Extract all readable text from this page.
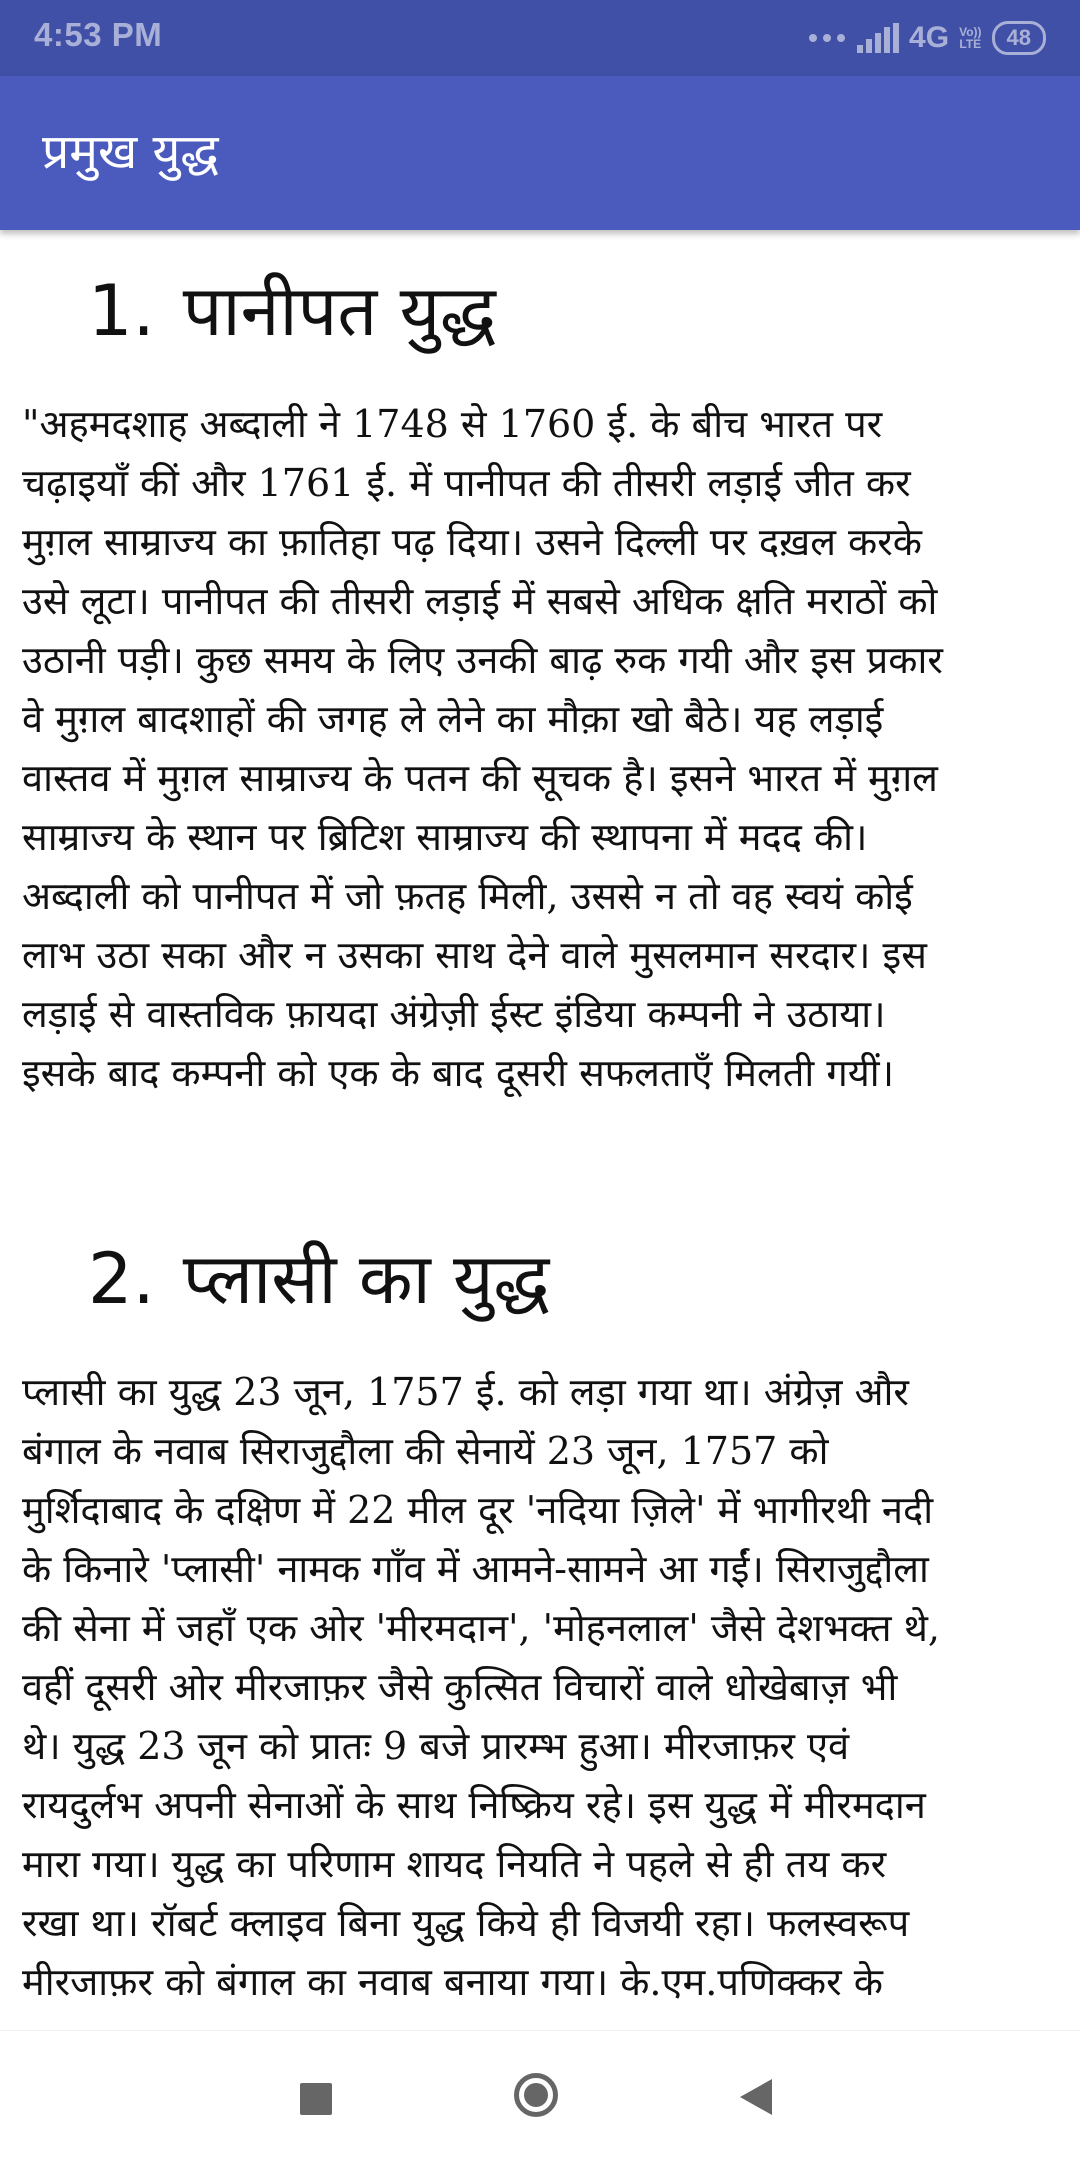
4:53 PM	4G Vo))
LTE	48
प्रमुख युद्ध
1. पानीपत युद्ध
"अहमदशाह अब्दाली ने 1748 से 1760 ई. के बीच भारत पर
चढ़ाइयाँ कीं और 1761 ई. में पानीपत की तीसरी लड़ाई जीत कर
मुग़ल साम्राज्य का फ़ातिहा पढ़ दिया। उसने दिल्ली पर दख़ल करके
उसे लूटा। पानीपत की तीसरी लड़ाई में सबसे अधिक क्षति मराठों को
उठानी पड़ी। कुछ समय के लिए उनकी बाढ़ रुक गयी और इस प्रकार
वे मुग़ल बादशाहों की जगह ले लेने का मौक़ा खो बैठे। यह लड़ाई
वास्तव में मुग़ल साम्राज्य के पतन की सूचक है। इसने भारत में मुग़ल
साम्राज्य के स्थान पर ब्रिटिश साम्राज्य की स्थापना में मदद की।
अब्दाली को पानीपत में जो फ़तह मिली, उससे न तो वह स्वयं कोई
लाभ उठा सका और न उसका साथ देने वाले मुसलमान सरदार। इस
लड़ाई से वास्तविक फ़ायदा अंग्रेज़ी ईस्ट इंडिया कम्पनी ने उठाया।
इसके बाद कम्पनी को एक के बाद दूसरी सफलताएँ मिलती गयीं।
2. प्लासी का युद्ध
प्लासी का युद्ध 23 जून, 1757 ई. को लड़ा गया था। अंग्रेज़ और
बंगाल के नवाब सिराजुद्दौला की सेनायें 23 जून, 1757 को
मुर्शिदाबाद के दक्षिण में 22 मील दूर 'नदिया ज़िले' में भागीरथी नदी
के किनारे 'प्लासी' नामक गाँव में आमने-सामने आ गईं। सिराजुद्दौला
की सेना में जहाँ एक ओर 'मीरमदान', 'मोहनलाल' जैसे देशभक्त थे,
वहीं दूसरी ओर मीरजाफ़र जैसे कुत्सित विचारों वाले धोखेबाज़ भी
थे। युद्ध 23 जून को प्रातः 9 बजे प्रारम्भ हुआ। मीरजाफ़र एवं
रायदुर्लभ अपनी सेनाओं के साथ निष्क्रिय रहे। इस युद्ध में मीरमदान
मारा गया। युद्ध का परिणाम शायद नियति ने पहले से ही तय कर
रखा था। रॉबर्ट क्लाइव बिना युद्ध किये ही विजयी रहा। फलस्वरूप
मीरजाफ़र को बंगाल का नवाब बनाया गया। के.एम.पणिक्कर के
